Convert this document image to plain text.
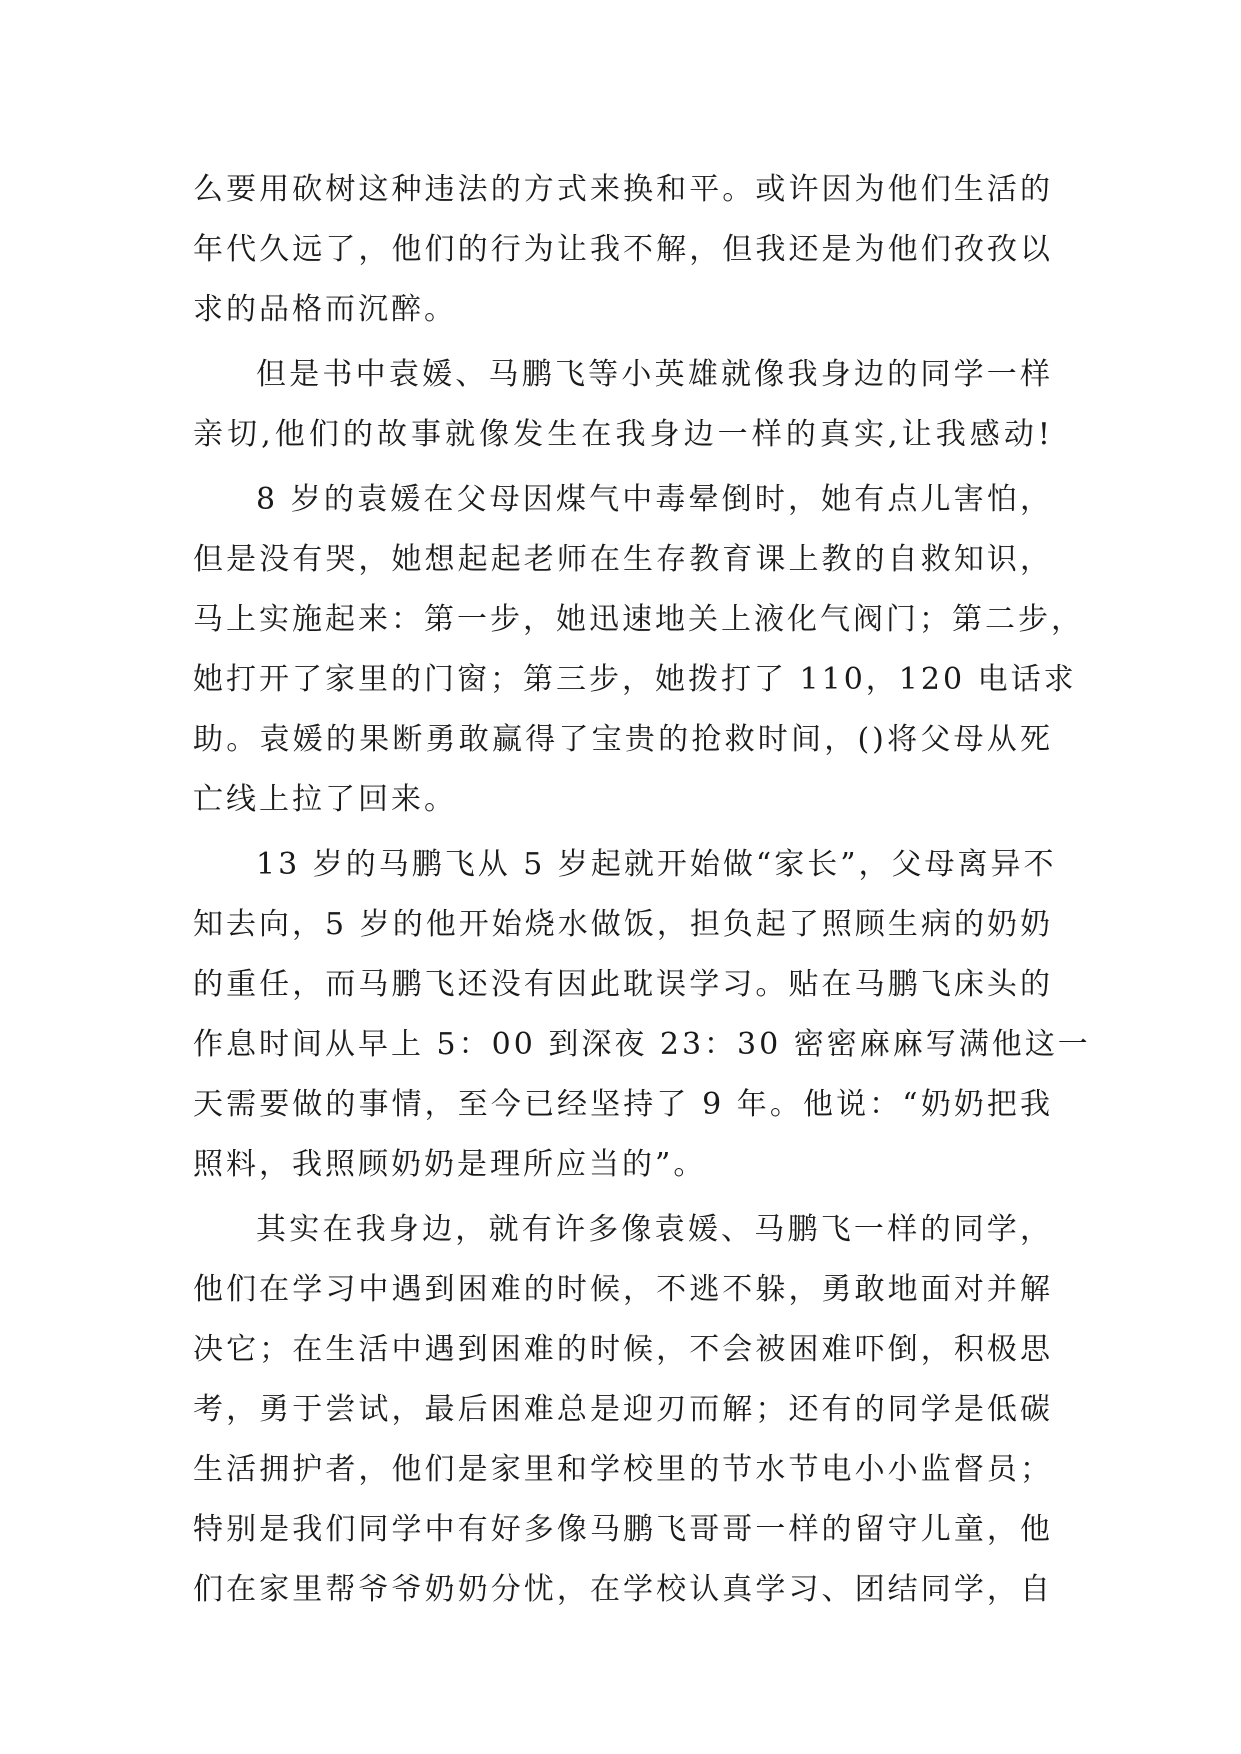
么要用砍树这种违法的方式来换和平。或许因为他们生活的
年代久远了，他们的行为让我不解，但我还是为他们孜孜以
求的品格而沉醉。
但是书中袁媛、马鹏飞等小英雄就像我身边的同学一样
亲切,他们的故事就像发生在我身边一样的真实,让我感动!
8 岁的袁媛在父母因煤气中毒晕倒时，她有点儿害怕，
但是没有哭，她想起起老师在生存教育课上教的自救知识，
马上实施起来：第一步，她迅速地关上液化气阀门；第二步，
她打开了家里的门窗；第三步，她拨打了 110，120 电话求
助。袁媛的果断勇敢赢得了宝贵的抢救时间，()将父母从死
亡线上拉了回来。
13 岁的马鹏飞从 5 岁起就开始做“家长”，父母离异不
知去向，5 岁的他开始烧水做饭，担负起了照顾生病的奶奶
的重任，而马鹏飞还没有因此耽误学习。贴在马鹏飞床头的
作息时间从早上 5：00 到深夜 23：30 密密麻麻写满他这一
天需要做的事情，至今已经坚持了 9 年。他说：“奶奶把我
照料，我照顾奶奶是理所应当的”。
其实在我身边，就有许多像袁媛、马鹏飞一样的同学，
他们在学习中遇到困难的时候，不逃不躲，勇敢地面对并解
决它；在生活中遇到困难的时候，不会被困难吓倒，积极思
考，勇于尝试，最后困难总是迎刃而解；还有的同学是低碳
生活拥护者，他们是家里和学校里的节水节电小小监督员；
特别是我们同学中有好多像马鹏飞哥哥一样的留守儿童，他
们在家里帮爷爷奶奶分忧，在学校认真学习、团结同学，自
